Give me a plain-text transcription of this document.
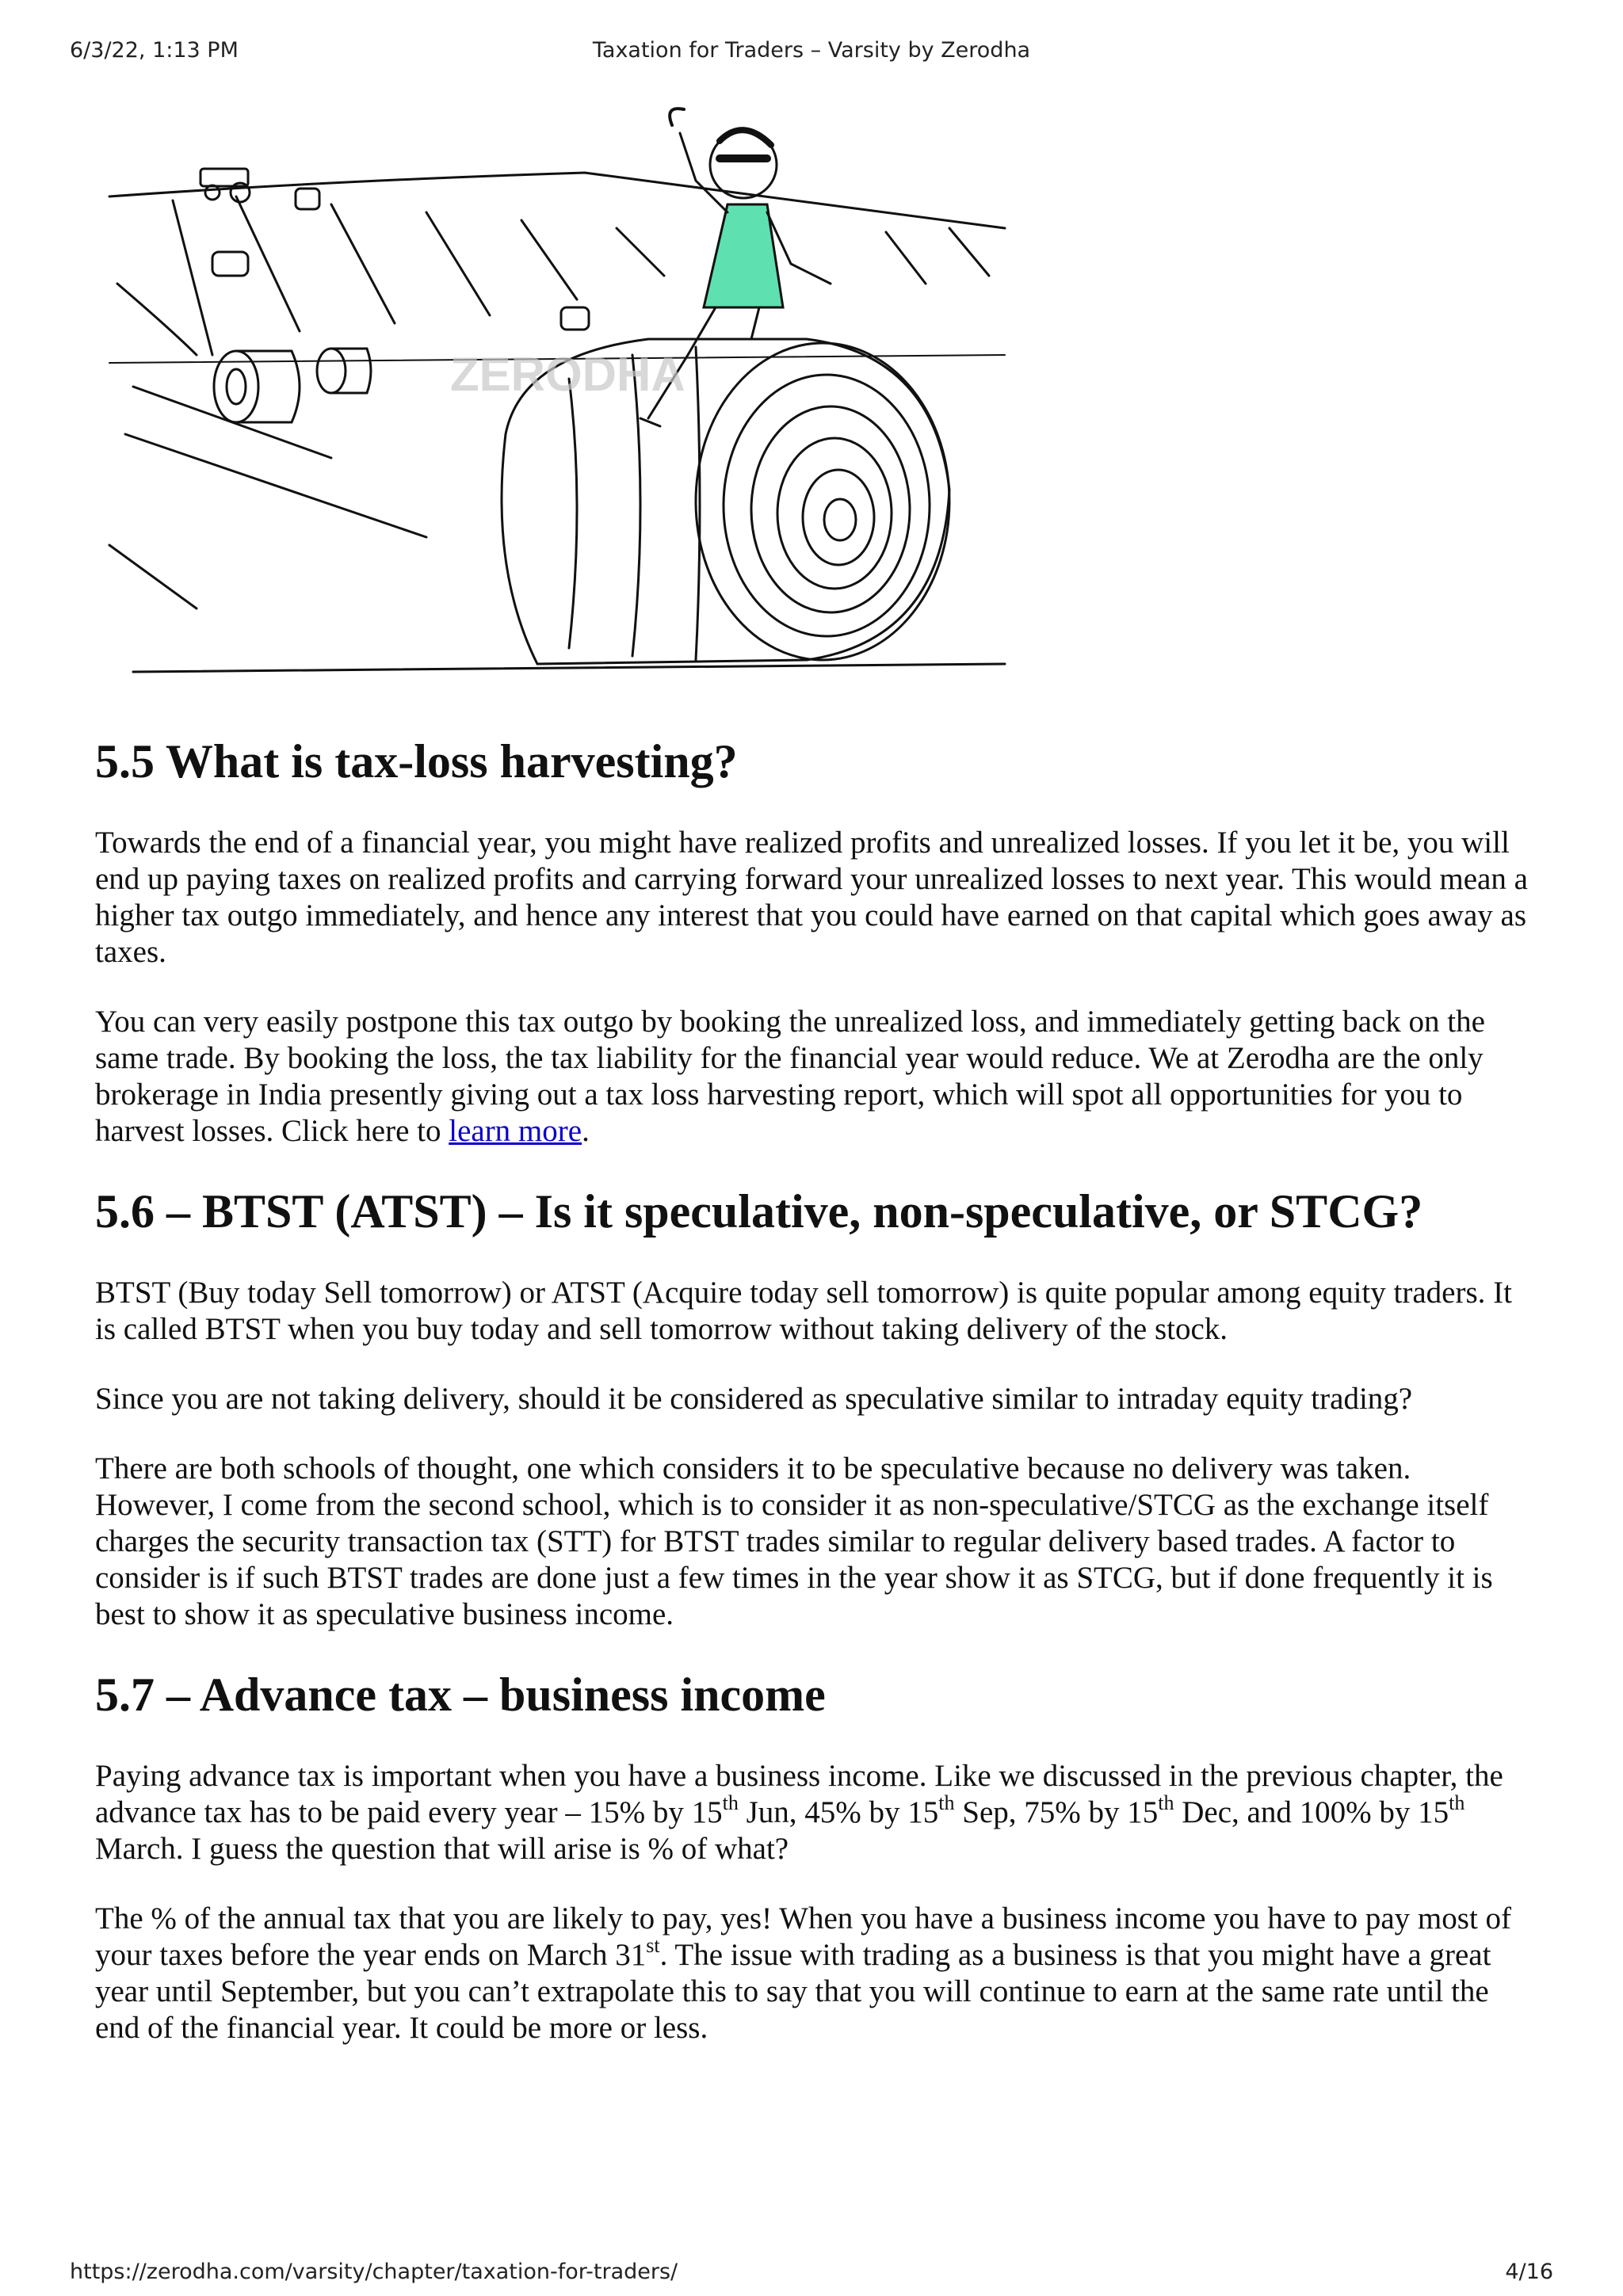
Taxation for Traders – Varsity by Zerodha
6/3/22, 1:13 PM
ZERODHA
5.5 What is tax-loss harvesting?

Towards the end of a financial year, you might have realized profits and unrealized losses. If you let it be, you will end up paying taxes on realized profits and carrying forward your unrealized losses to next year. This would mean a higher tax outgo immediately, and hence any interest that you could have earned on that capital which goes away as taxes.

You can very easily postpone this tax outgo by booking the unrealized loss, and immediately getting back on the same trade. By booking the loss, the tax liability for the financial year would reduce. We at Zerodha are the only brokerage in India presently giving out a tax loss harvesting report, which will spot all opportunities for you to harvest losses. Click here to learn more.

5.6 – BTST (ATST) – Is it speculative, non-speculative, or STCG?

BTST (Buy today Sell tomorrow) or ATST (Acquire today sell tomorrow) is quite popular among equity traders. It is called BTST when you buy today and sell tomorrow without taking delivery of the stock.

Since you are not taking delivery, should it be considered as speculative similar to intraday equity trading?

There are both schools of thought, one which considers it to be speculative because no delivery was taken. However, I come from the second school, which is to consider it as non-speculative/STCG as the exchange itself charges the security transaction tax (STT) for BTST trades similar to regular delivery based trades. A factor to consider is if such BTST trades are done just a few times in the year show it as STCG, but if done frequently it is best to show it as speculative business income.

5.7 – Advance tax – business income

Paying advance tax is important when you have a business income. Like we discussed in the previous chapter, the advance tax has to be paid every year – 15% by 15th Jun, 45% by 15th Sep, 75% by 15th Dec, and 100% by 15th March. I guess the question that will arise is % of what?

The % of the annual tax that you are likely to pay, yes! When you have a business income you have to pay most of your taxes before the year ends on March 31st. The issue with trading as a business is that you might have a great year until September, but you can’t extrapolate this to say that you will continue to earn at the same rate until the end of the financial year. It could be more or less.

https://zerodha.com/varsity/chapter/taxation-for-traders/	4/16
